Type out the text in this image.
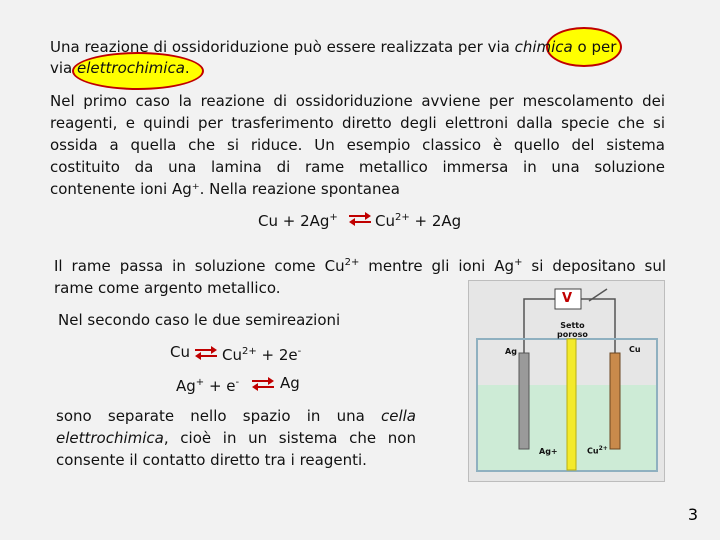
Una reazione di ossidoriduzione può essere realizzata per via chimica o per
via elettrochimica.
Nel primo caso la reazione di ossidoriduzione avviene per mescolamento dei
reagenti, e quindi per trasferimento diretto degli elettroni dalla specie che si
ossida a quella che si riduce. Un esempio classico è quello del sistema
costituito da una lamina di rame metallico immersa in una soluzione
contenente ioni Ag⁺. Nella reazione spontanea
Cu + 2Ag+ ⇌ $Cu^{2+} + 2Ag$
Il rame passa in soluzione come $Cu^{2+}$ mentre gli ioni Ag+ si depositano sul
rame come argento metallico.
Nel secondo caso le due semireazioni
Cu ⇌ $Cu^{2+} + 2e^-$
Ag+ + e- ⇌ Ag
sono separate nello spazio in una cella
elettrochimica, cioè in un sistema che non
consente il contatto diretto tra i reagenti.
V
Setto
poroso
Ag	Cu
Ag+	$Cu^{2+}$
3
